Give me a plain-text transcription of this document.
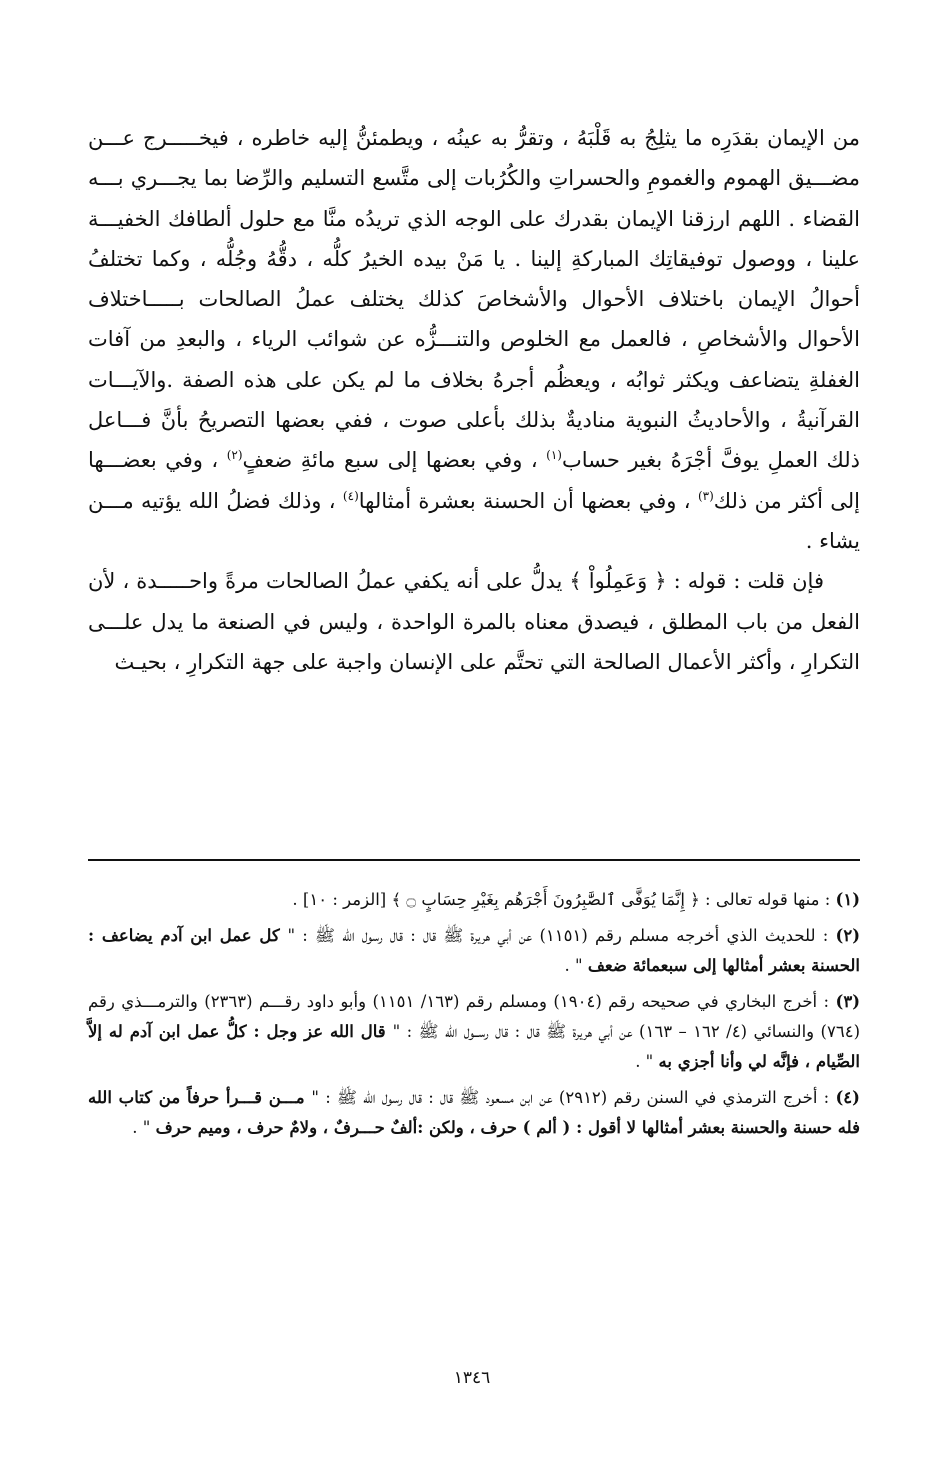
من الإيمان بقدَرِه ما يثلِجُ به قَلْبَهُ ، وتقرُّ به عينُه ، ويطمئنُّ إليه خاطره ، فيخـــــرج عـــن مضـــيق الهموم والغمومِ والحسراتِ والكُرُبات إلى متَّسع التسليم والرِّضا بما يجـــري بـــه القضاء . اللهم ارزقنا الإيمان بقدرك على الوجه الذي تريدُه منَّا مع حلول ألطافك الخفيـــة علينا ، ووصول توفيقاتِك المباركةِ إلينا . يا مَنْ بيده الخيرُ كلُّه ، دقُّهُ وجُلُّه ، وكما تختلفُ أحوالُ الإيمان باختلاف الأحوال والأشخاصَ كذلك يختلف عملُ الصالحات بـــــاختلاف الأحوال والأشخاصِ ، فالعمل مع الخلوص والتنـــزُّه عن شوائب الرياء ، والبعدِ من آفات الغفلةِ يتضاعف ويكثر ثوابُه ، ويعظُم أجرهُ بخلاف ما لم يكن على هذه الصفة .والآيـــات القرآنيةُ ، والأحاديثُ النبوية مناديةٌ بذلك بأعلى صوت ، ففي بعضها التصريحُ بأنَّ فـــاعل ذلك العملِ يوفَّ أجْرَهُ بغير حساب$^{(١)}$ ، وفي بعضها إلى سبع مائةِ ضعفٍ$^{(٢)}$ ، وفي بعضـــها إلى أكثر من ذلك$^{(٣)}$ ، وفي بعضها أن الحسنة بعشرة أمثالها$^{(٤)}$ ، وذلك فضلُ الله يؤتيه مـــن يشاء .

فإن قلت : قوله : ﴿ وَعَمِلُواْ ﴾ يدلُّ على أنه يكفي عملُ الصالحات مرةً واحـــــدة ، لأن الفعل من باب المطلق ، فيصدق معناه بالمرة الواحدة ، وليس في الصنعة ما يدل علـــى التكرارِ ، وأكثر الأعمال الصالحة التي تحتَّم على الإنسان واجبة على جهة التكرارِ ، بحيـث

(١) : منها قوله تعالى : ﴿ إِنَّمَا يُوَفَّى ٱلصَّٰبِرُونَ أَجْرَهُم بِغَيْرِ حِسَابٍ ۝ ﴾ [الزمر : ١٠] .

(٢) : للحديث الذي أخرجه مسلم رقم (١١٥١) عن أبي هريرة ﷺ قال : قال رسول الله ﷺ : " كل عمل ابن آدم يضاعف : الحسنة بعشر أمثالها إلى سبعمائة ضعف " .

(٣) : أخرج البخاري في صحيحه رقم (١٩٠٤) ومسلم رقم (١٦٣/ ١١٥١) وأبو داود رقـــم (٢٣٦٣) والترمـــذي رقم (٧٦٤) والنسائي (٤/ ١٦٢ – ١٦٣) عن أبي هريرة ﷺ قال : قال رســول الله ﷺ : " قال الله عز وجل : كلُّ عمل ابن آدم له إلاَّ الصِّيام ، فإنَّه لي وأنا أجزي به " .

(٤) : أخرج الترمذي في السنن رقم (٢٩١٢) عن ابن مسعود ﷺ قال : قال رسول الله ﷺ : " مـــن قـــرأ حرفاً من كتاب الله فله حسنة والحسنة بعشر أمثالها لا أقول : ( ألم ) حرف ، ولكن :ألفٌ حـــرفٌ ، ولامٌ حرف ، وميم حرف " .

١٣٤٦
